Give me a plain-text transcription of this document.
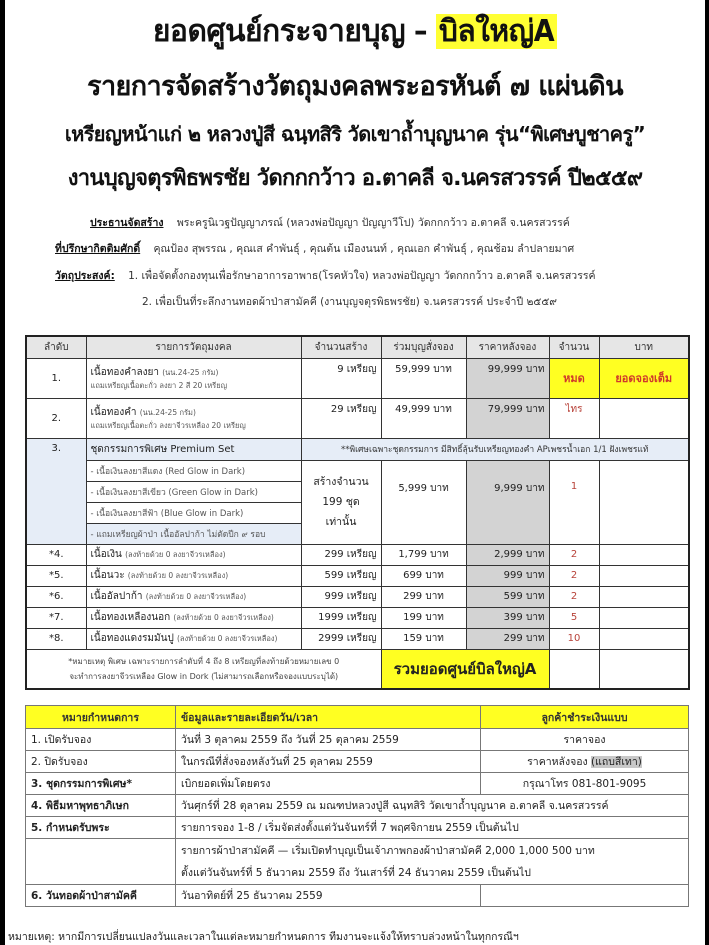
ยอดศูนย์กระจายบุญ – บิลใหญ่A
รายการจัดสร้างวัตถุมงคลพระอรหันต์ ๗ แผ่นดิน
เหรียญหน้าแก่ ๒ หลวงปู่สี ฉนฺทสิริ วัดเขาถ้ำบุญนาค รุ่น“พิเศษบูชาครู”
งานบุญจตุรพิธพรชัย วัดกกกว้าว อ.ตาคลี จ.นครสวรรค์ ปี๒๕๕๙
ประธานจัดสร้าง พระครูนิเวฐปัญญาภรณ์ (หลวงพ่อปัญญา ปัญญาวีโป) วัดกกกว้าว อ.ตาคลี จ.นครสวรรค์
ที่ปรึกษากิตติมศักดิ์ คุณป้อง สุพรรณ , คุณเส คำพันธุ์ , คุณต้น เมืองนนท์ , คุณเอก คำพันธุ์ , คุณช้อม ลำปลายมาศ
วัตถุประสงค์: 1. เพื่อจัดตั้งกองทุนเพื่อรักษาอาการอาพาธ(โรคหัวใจ) หลวงพ่อปัญญา วัดกกกว้าว อ.ตาคลี จ.นครสวรรค์
2. เพื่อเป็นที่ระลึกงานทอดผ้าป่าสามัคคี (งานบุญจตุรพิธพรชัย) จ.นครสวรรค์ ประจำปี ๒๕๕๙
ลำดับ	รายการวัตถุมงคล	จำนวนสร้าง	ร่วมบุญสั่งจอง	ราคาหลังจอง	จำนวน	บาท
1.	เนื้อทองคำลงยา (นน.24-25 กรัม)
แถมเหรียญเนื้อตะกั่ว ลงยา 2 สี 20 เหรียญ	9 เหรียญ	59,999 บาท	99,999 บาท	หมด	ยอดจองเต็ม
2.	เนื้อทองคำ (นน.24-25 กรัม)
แถมเหรียญเนื้อตะกั่ว ลงยาจีวรเหลือง 20 เหรียญ	29 เหรียญ	49,999 บาท	79,999 บาท	ไทร	
3.	ชุดกรรมการพิเศษ Premium Set	**พิเศษเฉพาะชุดกรรมการ มีสิทธิ์ลุ้นรับเหรียญทองคำ APเพชรน้ำเอก 1/1 ฝังเพชรแท้				
	- เนื้อเงินลงยาสีแดง (Red Glow in Dark)	สร้างจำนวน
199 ชุด
เท่านั้น	5,999 บาท	9,999 บาท	1	
	- เนื้อเงินลงยาสีเขียว (Green Glow in Dark)					
	- เนื้อเงินลงยาสีฟ้า (Blue Glow in Dark)					
	- แถมเหรียญผ้าป่า เนื้ออัลปาก้า ไม่ตัดปีก ๙ รอบ					
*4.	เนื้อเงิน (ลงท้ายด้วย 0 ลงยาจีวรเหลือง)	299 เหรียญ	1,799 บาท	2,999 บาท	2	
*5.	เนื้อนวะ (ลงท้ายด้วย 0 ลงยาจีวรเหลือง)	599 เหรียญ	699 บาท	999 บาท	2	
*6.	เนื้ออัลปาก้า (ลงท้ายด้วย 0 ลงยาจีวรเหลือง)	999 เหรียญ	299 บาท	599 บาท	2	
*7.	เนื้อทองเหลืองนอก (ลงท้ายด้วย 0 ลงยาจีวรเหลือง)	1999 เหรียญ	199 บาท	399 บาท	5	
*8.	เนื้อทองแดงรมมันปู (ลงท้ายด้วย 0 ลงยาจีวรเหลือง)	2999 เหรียญ	159 บาท	299 บาท	10	

*หมายเหตุ พิเศษ เฉพาะรายการลำดับที่ 4 ถึง 8 เหรียญที่ลงท้ายด้วยหมายเลข 0
จะทำการลงยาจีวรเหลือง Glow in Dork (ไม่สามารถเลือกหรือจองแบบระบุได้)			รวมยอดศูนย์บิลใหญ่A			
หมายกำหนดการ	ข้อมูลและรายละเอียดวัน/เวลา	ลูกค้าชำระเงินแบบ
1. เปิดรับจอง	วันที่ 3 ตุลาคม 2559 ถึง วันที่ 25 ตุลาคม 2559	ราคาจอง
2. ปิดรับจอง	ในกรณีที่สั่งจองหลังวันที่ 25 ตุลาคม 2559	ราคาหลังจอง (แถบสีเทา)
3. ชุดกรรมการพิเศษ*	เบิกยอดเพิ่มโดยตรง	กรุณาโทร 081-801-9095
4. พิธีมหาพุทธาภิเษก	วันศุกร์ที่ 28 ตุลาคม 2559 ณ มณฑปหลวงปู่สี ฉนฺทสิริ วัดเขาถ้ำบุญนาค อ.ตาคลี จ.นครสวรรค์	
5. กำหนดรับพระ	รายการจอง 1-8 / เริ่มจัดส่งตั้งแต่วันจันทร์ที่ 7 พฤศจิกายน 2559 เป็นต้นไป	

	รายการผ้าป่าสามัคคี — เริ่มเปิดทำบุญเป็นเจ้าภาพกองผ้าป่าสามัคคี 2,000 1,000 500 บาท
ตั้งแต่วันจันทร์ที่ 5 ธันวาคม 2559 ถึง วันเสาร์ที่ 24 ธันวาคม 2559 เป็นต้นไป	

6. วันทอดผ้าป่าสามัคคี	วันอาทิตย์ที่ 25 ธันวาคม 2559	
หมายเหตุ: หากมีการเปลี่ยนแปลงวันและเวลาในแต่ละหมายกำหนดการ ทีมงานจะแจ้งให้ทราบล่วงหน้าในทุกกรณีฯ
